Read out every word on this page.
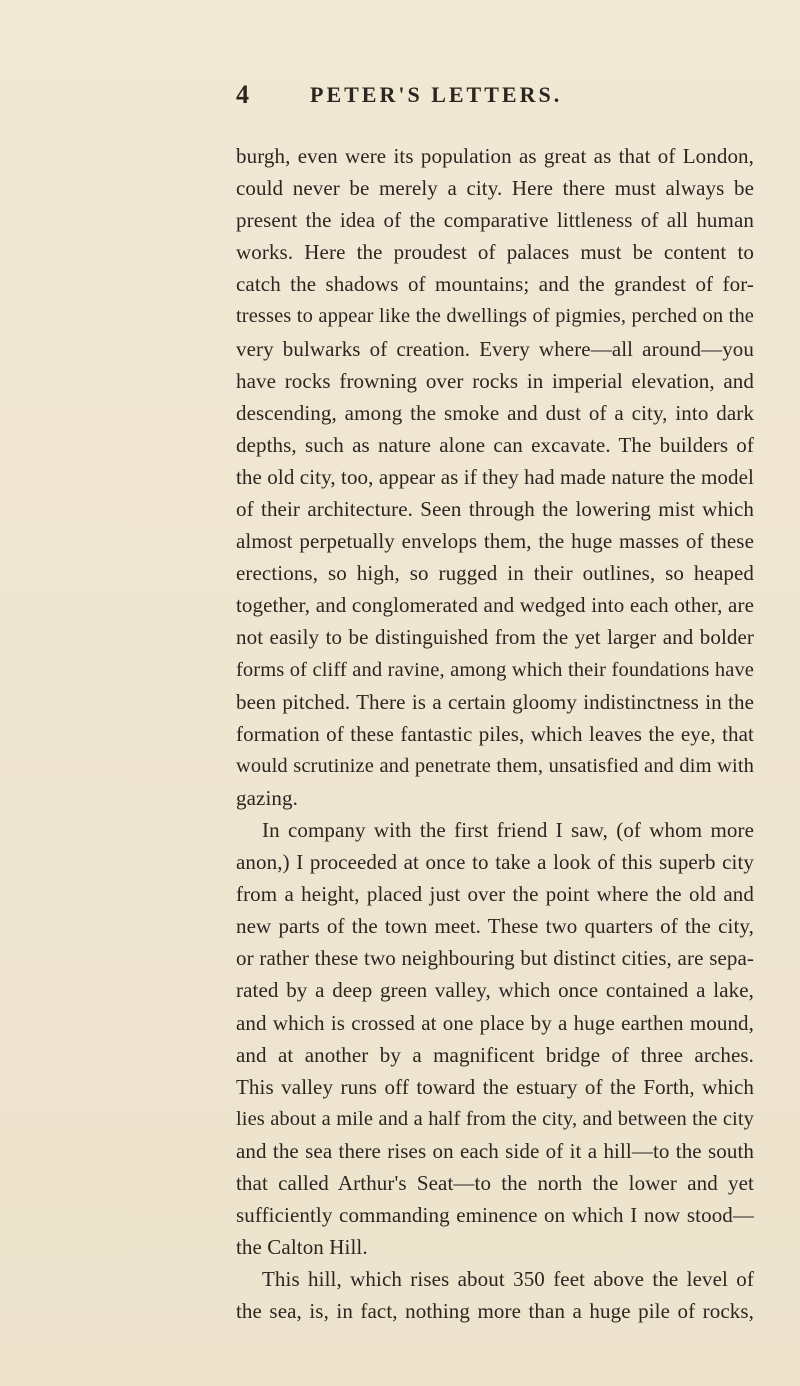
4	PETER'S LETTERS.
burgh, even were its population as great as that of London,
could never be merely a city. Here there must always be
present the idea of the comparative littleness of all human
works. Here the proudest of palaces must be content to
catch the shadows of mountains; and the grandest of for-
tresses to appear like the dwellings of pigmies, perched on the
very bulwarks of creation. Every where—all around—you
have rocks frowning over rocks in imperial elevation, and
descending, among the smoke and dust of a city, into dark
depths, such as nature alone can excavate. The builders of
the old city, too, appear as if they had made nature the model
of their architecture. Seen through the lowering mist which
almost perpetually envelops them, the huge masses of these
erections, so high, so rugged in their outlines, so heaped
together, and conglomerated and wedged into each other, are
not easily to be distinguished from the yet larger and bolder
forms of cliff and ravine, among which their foundations have
been pitched. There is a certain gloomy indistinctness in the
formation of these fantastic piles, which leaves the eye, that
would scrutinize and penetrate them, unsatisfied and dim with
gazing.
In company with the first friend I saw, (of whom more
anon,) I proceeded at once to take a look of this superb city
from a height, placed just over the point where the old and
new parts of the town meet. These two quarters of the city,
or rather these two neighbouring but distinct cities, are sepa-
rated by a deep green valley, which once contained a lake,
and which is crossed at one place by a huge earthen mound,
and at another by a magnificent bridge of three arches.
This valley runs off toward the estuary of the Forth, which
lies about a mile and a half from the city, and between the city
and the sea there rises on each side of it a hill—to the south
that called Arthur's Seat—to the north the lower and yet
sufficiently commanding eminence on which I now stood—
the Calton Hill.
This hill, which rises about 350 feet above the level of
the sea, is, in fact, nothing more than a huge pile of rocks,
